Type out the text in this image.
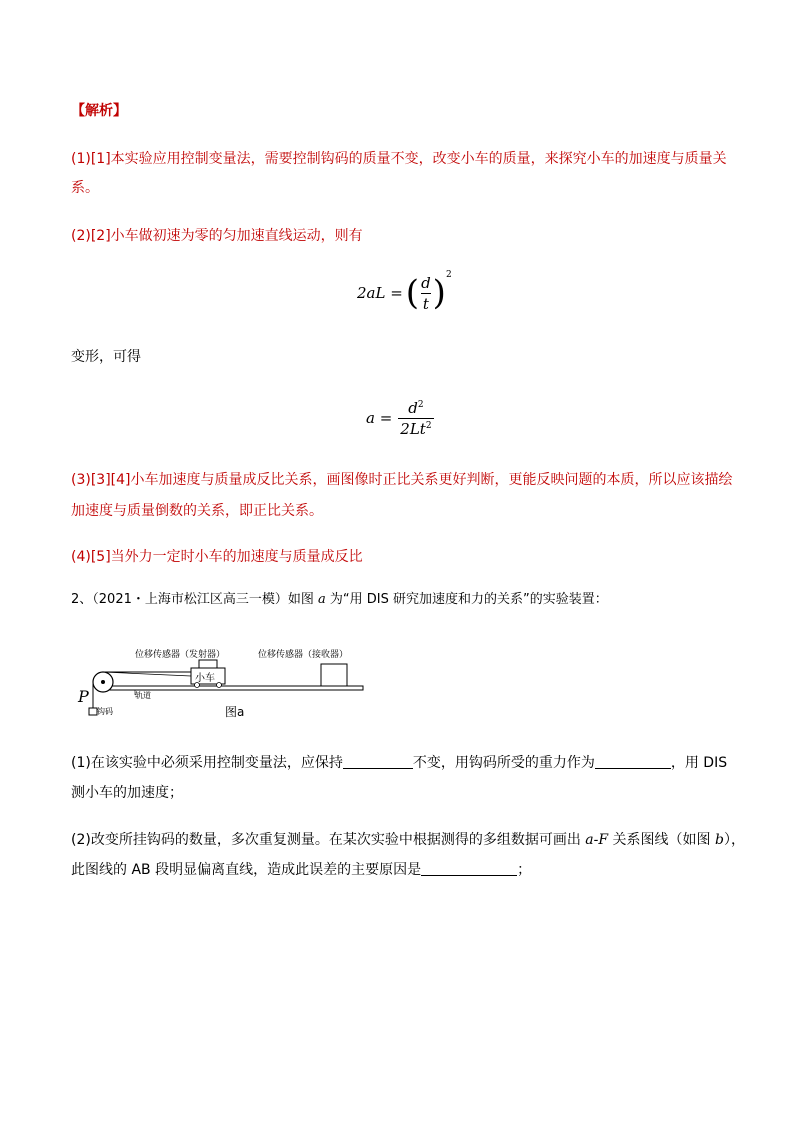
【解析】
(1)[1]本实验应用控制变量法，需要控制钩码的质量不变，改变小车的质量，来探究小车的加速度与质量关
系。
(2)[2]小车做初速为零的匀加速直线运动，则有
2aL = ( $\frac{d}{t}$ ) 2
变形，可得
$a = \frac{d^2}{2Lt^2}$
(3)[3][4]小车加速度与质量成反比关系，画图像时正比关系更好判断，更能反映问题的本质，所以应该描绘
加速度与质量倒数的关系，即正比关系。
(4)[5]当外力一定时小车的加速度与质量成反比
2、（2021・上海市松江区高三一模）如图 a 为“用 DIS 研究加速度和力的关系”的实验装置：
位移传感器（发射器）	位移传感器（接收器）
小车
轨道
P
钩码	图a
(1)在该实验中必须采用控制变量法，应保持	不变，用钩码所受的重力作为	，用 DIS
测小车的加速度；
(2)改变所挂钩码的数量，多次重复测量。在某次实验中根据测得的多组数据可画出 a-F 关系图线（如图 b），
此图线的 AB 段明显偏离直线，造成此误差的主要原因是	；
